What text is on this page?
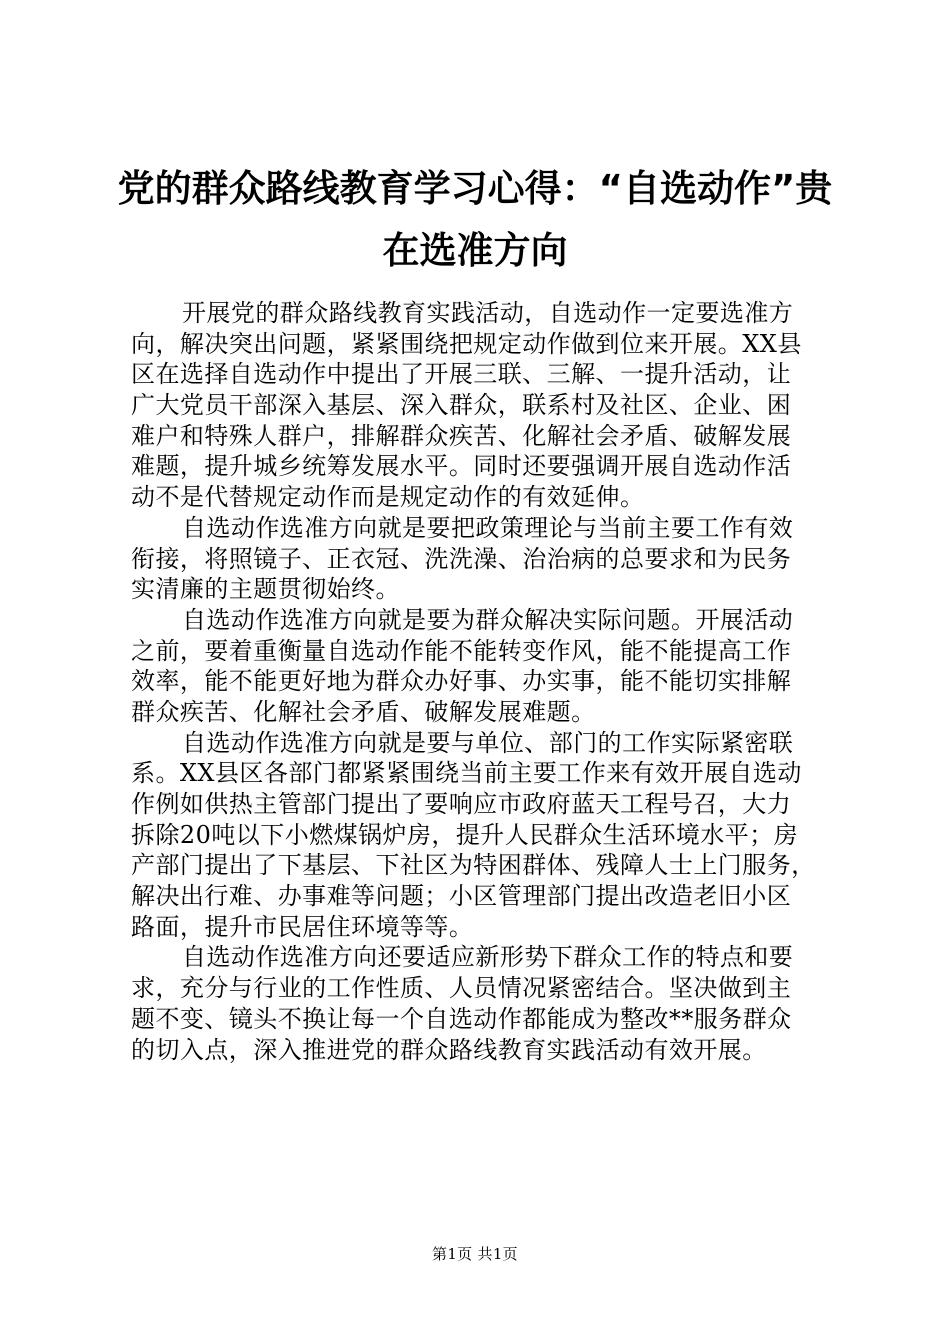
党的群众路线教育学习心得：“自选动作”贵
在选准方向

开展党的群众路线教育实践活动，自选动作一定要选准方
向，解决突出问题，紧紧围绕把规定动作做到位来开展。XX县
区在选择自选动作中提出了开展三联、三解、一提升活动，让
广大党员干部深入基层、深入群众，联系村及社区、企业、困
难户和特殊人群户，排解群众疾苦、化解社会矛盾、破解发展
难题，提升城乡统筹发展水平。同时还要强调开展自选动作活
动不是代替规定动作而是规定动作的有效延伸。

自选动作选准方向就是要把政策理论与当前主要工作有效
衔接，将照镜子、正衣冠、洗洗澡、治治病的总要求和为民务
实清廉的主题贯彻始终。

自选动作选准方向就是要为群众解决实际问题。开展活动
之前，要着重衡量自选动作能不能转变作风，能不能提高工作
效率，能不能更好地为群众办好事、办实事，能不能切实排解
群众疾苦、化解社会矛盾、破解发展难题。

自选动作选准方向就是要与单位、部门的工作实际紧密联
系。XX县区各部门都紧紧围绕当前主要工作来有效开展自选动
作例如供热主管部门提出了要响应市政府蓝天工程号召，大力
拆除20吨以下小燃煤锅炉房，提升人民群众生活环境水平；房
产部门提出了下基层、下社区为特困群体、残障人士上门服务，
解决出行难、办事难等问题；小区管理部门提出改造老旧小区
路面，提升市民居住环境等等。

自选动作选准方向还要适应新形势下群众工作的特点和要
求，充分与行业的工作性质、人员情况紧密结合。坚决做到主
题不变、镜头不换让每一个自选动作都能成为整改**服务群众
的切入点，深入推进党的群众路线教育实践活动有效开展。

第1页 共1页
